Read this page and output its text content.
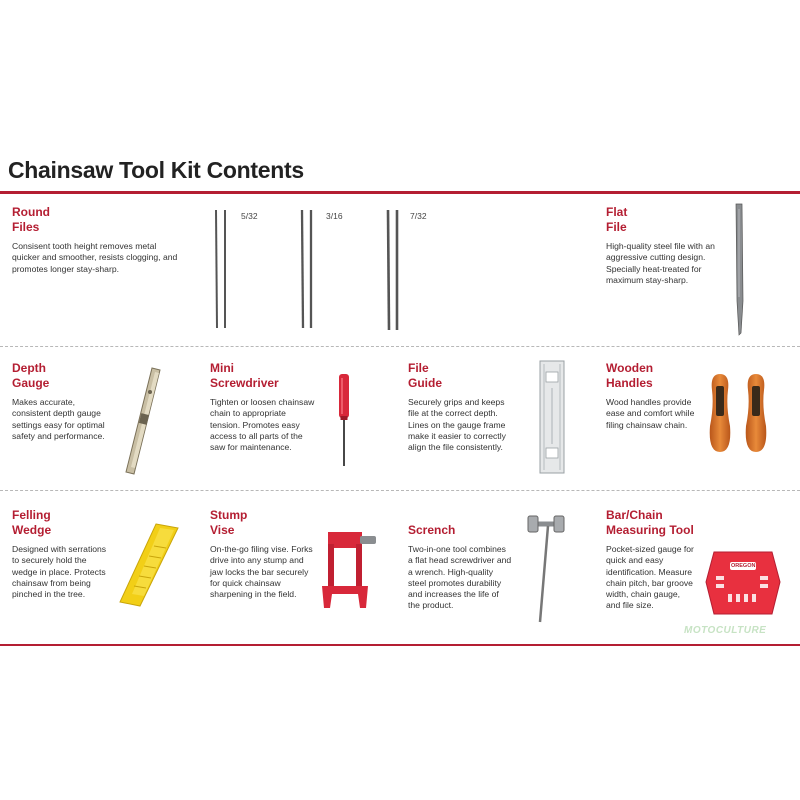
Chainsaw Tool Kit Contents
Round
Files
Consisent tooth height removes metal quicker and smoother, resists clogging, and promotes longer stay-sharp.
5/32	3/16	7/32	Flat
File
High-quality steel file with an aggressive cutting design. Specially heat-treated for maximum stay-sharp.
Depth
Gauge
Makes accurate, consistent depth gauge settings easy for optimal safety and performance.
Mini
Screwdriver
Tighten or loosen chainsaw chain to appropriate tension. Promotes easy access to all parts of the saw for maintenance.
File
Guide
Securely grips and keeps file at the correct depth. Lines on the gauge frame make it easier to correctly align the file consistently.
Wooden
Handles
Wood handles provide ease and comfort while filing chainsaw chain.
Felling
Wedge
Designed with serrations to securely hold the wedge in place. Protects chainsaw from being pinched in the tree.
Stump
Vise
On-the-go filing vise. Forks drive into any stump and jaw locks the bar securely for quick chainsaw sharpening in the field.
Scrench
Two-in-one tool combines a flat head screwdriver and a wrench. High-quality steel promotes durability and increases the life of the product.
Bar/Chain
Measuring Tool
Pocket-sized gauge for quick and easy identification. Measure chain pitch, bar groove width, chain gauge, and file size.
OREGON
MOTOCULTURE
